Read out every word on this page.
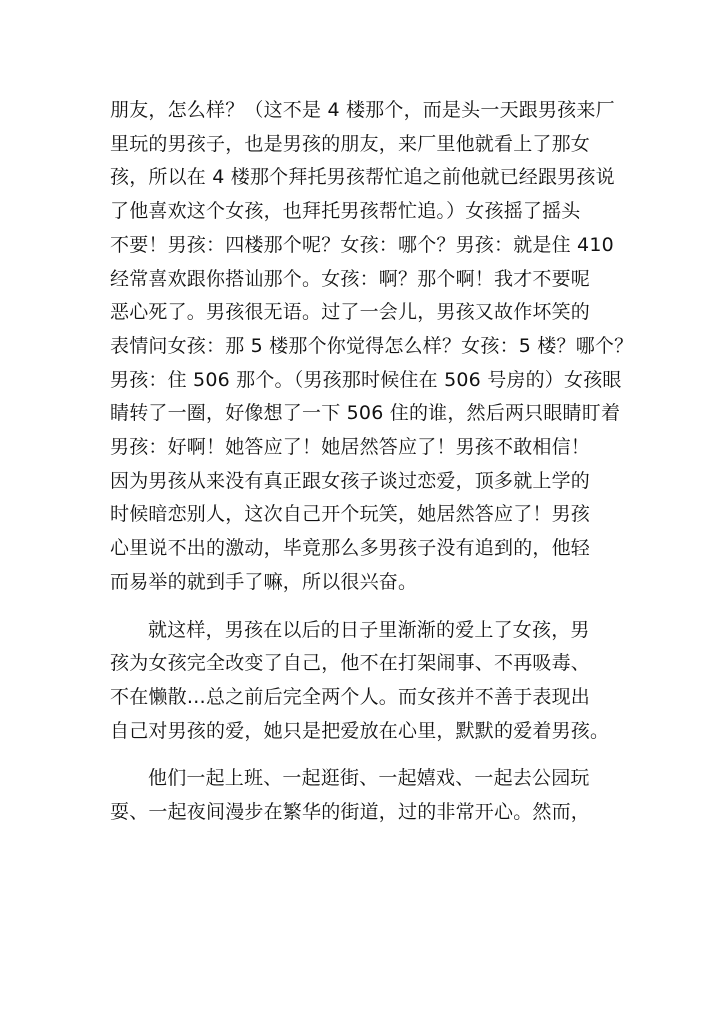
朋友，怎么样？（这不是 4 楼那个，而是头一天跟男孩来厂
里玩的男孩子，也是男孩的朋友，来厂里他就看上了那女
孩，所以在 4 楼那个拜托男孩帮忙追之前他就已经跟男孩说
了他喜欢这个女孩，也拜托男孩帮忙追。）女孩摇了摇头
不要！男孩：四楼那个呢？女孩：哪个？男孩：就是住 410
经常喜欢跟你搭讪那个。女孩：啊？那个啊！我才不要呢
恶心死了。男孩很无语。过了一会儿，男孩又故作坏笑的
表情问女孩：那 5 楼那个你觉得怎么样？女孩：5 楼？哪个？
男孩：住 506 那个。（男孩那时候住在 506 号房的）女孩眼
睛转了一圈，好像想了一下 506 住的谁，然后两只眼睛盯着
男孩：好啊！她答应了！她居然答应了！男孩不敢相信！
因为男孩从来没有真正跟女孩子谈过恋爱，顶多就上学的
时候暗恋别人，这次自己开个玩笑，她居然答应了！男孩
心里说不出的激动，毕竟那么多男孩子没有追到的，他轻
而易举的就到手了嘛，所以很兴奋。

就这样，男孩在以后的日子里渐渐的爱上了女孩，男
孩为女孩完全改变了自己，他不在打架闹事、不再吸毒、
不在懒散…总之前后完全两个人。而女孩并不善于表现出
自己对男孩的爱，她只是把爱放在心里，默默的爱着男孩。

他们一起上班、一起逛街、一起嬉戏、一起去公园玩
耍、一起夜间漫步在繁华的街道，过的非常开心。然而，
